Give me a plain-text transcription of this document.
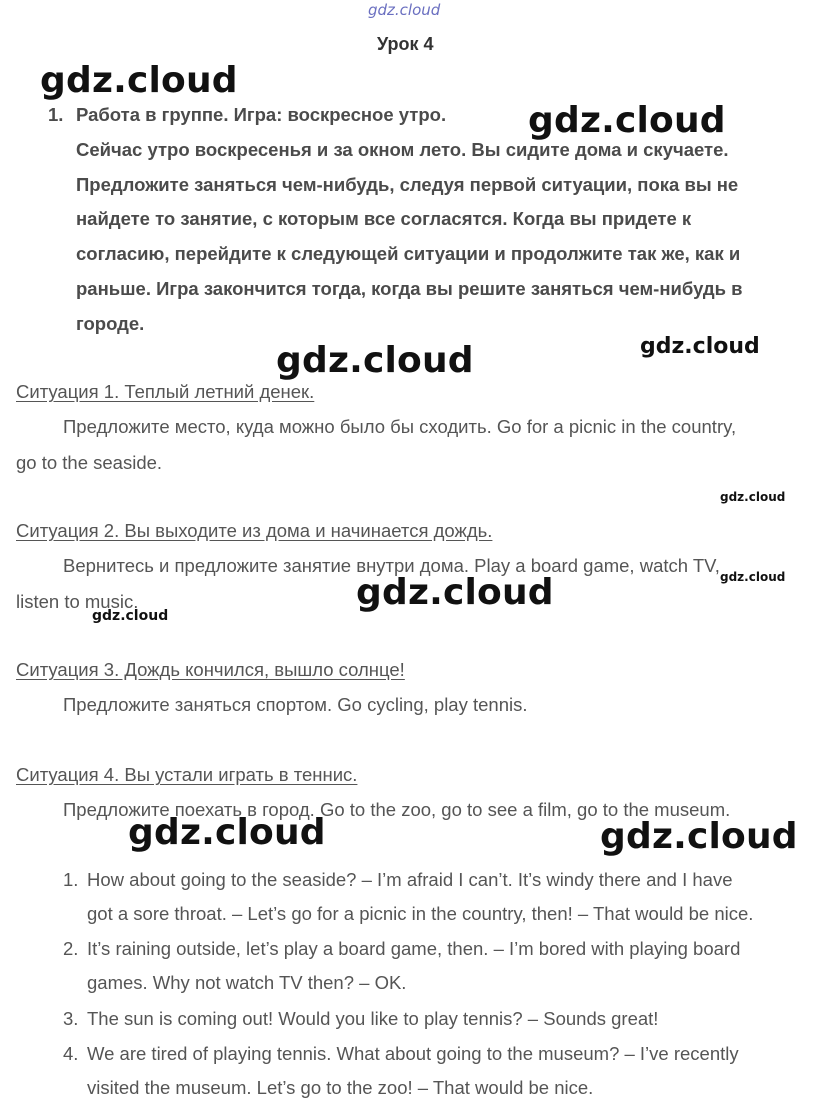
gdz.cloud
gdz.cloud
gdz.cloud
gdz.cloud	gdz.cloud
gdz.cloud
gdz.cloud
gdz.cloud
gdz.cloud
gdz.cloud	gdz.cloud
Урок 4
1. Работа в группе. Игра: воскресное утро.
Сейчас утро воскресенья и за окном лето. Вы сидите дома и скучаете.
Предложите заняться чем-нибудь, следуя первой ситуации, пока вы не
найдете то занятие, с которым все согласятся. Когда вы придете к
согласию, перейдите к следующей ситуации и продолжите так же, как и
раньше. Игра закончится тогда, когда вы решите заняться чем-нибудь в
городе.
Ситуация 1. Теплый летний денек.
Предложите место, куда можно было бы сходить. Go for a picnic in the country,
go to the seaside.
Ситуация 2. Вы выходите из дома и начинается дождь.
Вернитесь и предложите занятие внутри дома. Play a board game, watch TV,
listen to music.
Ситуация 3. Дождь кончился, вышло солнце!
Предложите заняться спортом. Go cycling, play tennis.
Ситуация 4. Вы устали играть в теннис.
Предложите поехать в город. Go to the zoo, go to see a film, go to the museum.
1. How about going to the seaside? – I’m afraid I can’t. It’s windy there and I have
got a sore throat. – Let’s go for a picnic in the country, then! – That would be nice.
2. It’s raining outside, let’s play a board game, then. – I’m bored with playing board
games. Why not watch TV then? – OK.
3. The sun is coming out! Would you like to play tennis? – Sounds great!
4. We are tired of playing tennis. What about going to the museum? – I’ve recently
visited the museum. Let’s go to the zoo! – That would be nice.
